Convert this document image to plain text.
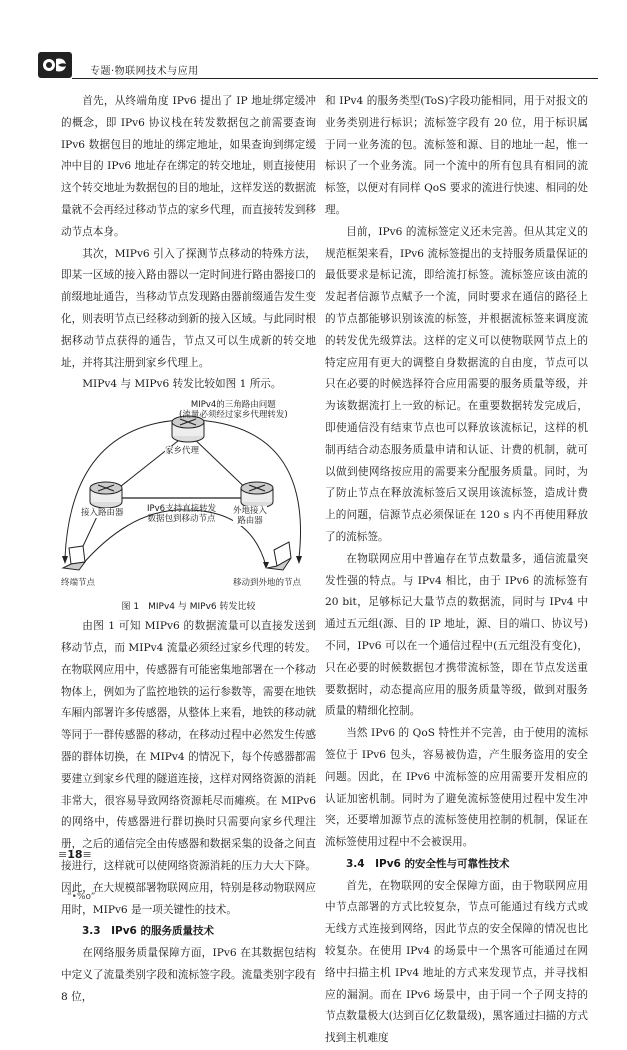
专题·物联网技术与应用

首先，从终端角度 IPv6 提出了 IP 地址绑定缓冲的概念，即 IPv6 协议栈在转发数据包之前需要查询 IPv6 数据包目的地址的绑定地址，如果查询到绑定缓冲中目的 IPv6 地址存在绑定的转交地址，则直接使用这个转交地址为数据包的目的地址，这样发送的数据流量就不会再经过移动节点的家乡代理，而直接转发到移动节点本身。

其次，MIPv6 引入了探测节点移动的特殊方法，即某一区域的接入路由器以一定时间进行路由器接口的前缀地址通告，当移动节点发现路由器前缀通告发生变化，则表明节点已经移动到新的接入区域。与此同时根据移动节点获得的通告，节点又可以生成新的转交地址，并将其注册到家乡代理上。

MIPv4 与 MIPv6 转发比较如图 1 所示。

MIPv4的三角路由问题
(流量必须经过家乡代理转发)
家乡代理
接入路由器	外地接入
路由器
IPv6支持直接转发
数据包到移动节点
终端节点	移动到外地的节点

图 1　MIPv4 与 MIPv6 转发比较

由图 1 可知 MIPv6 的数据流量可以直接发送到移动节点，而 MIPv4 流量必须经过家乡代理的转发。在物联网应用中，传感器有可能密集地部署在一个移动物体上，例如为了监控地铁的运行参数等，需要在地铁车厢内部署许多传感器，从整体上来看，地铁的移动就等同于一群传感器的移动，在移动过程中必然发生传感器的群体切换，在 MIPv4 的情况下，每个传感器都需要建立到家乡代理的隧道连接，这样对网络资源的消耗非常大，很容易导致网络资源耗尽而瘫痪。在 MIPv6 的网络中，传感器进行群切换时只需要向家乡代理注册，之后的通信完全由传感器和数据采集的设备之间直接进行，这样就可以使网络资源消耗的压力大大下降。因此，在大规模部署物联网应用，特别是移动物联网应用时，MIPv6 是一项关键性的技术。

3.3　IPv6 的服务质量技术

在网络服务质量保障方面，IPv6 在其数据包结构中定义了流量类别字段和流标签字段。流量类别字段有 8 位，

和 IPv4 的服务类型(ToS)字段功能相同，用于对报文的业务类别进行标识；流标签字段有 20 位，用于标识属于同一业务流的包。流标签和源、目的地址一起，惟一标识了一个业务流。同一个流中的所有包具有相同的流标签，以便对有同样 QoS 要求的流进行快速、相同的处理。

目前，IPv6 的流标签定义还未完善。但从其定义的规范框架来看，IPv6 流标签提出的支持服务质量保证的最低要求是标记流，即给流打标签。流标签应该由流的发起者信源节点赋予一个流，同时要求在通信的路径上的节点都能够识别该流的标签，并根据流标签来调度流的转发优先级算法。这样的定义可以使物联网节点上的特定应用有更大的调整自身数据流的自由度，节点可以只在必要的时候选择符合应用需要的服务质量等级，并为该数据流打上一致的标记。在重要数据转发完成后，即使通信没有结束节点也可以释放该流标记，这样的机制再结合动态服务质量申请和认证、计费的机制，就可以做到使网络按应用的需要来分配服务质量。同时，为了防止节点在释放流标签后又误用该流标签，造成计费上的问题，信源节点必须保证在 120 s 内不再使用释放了的流标签。

在物联网应用中普遍存在节点数量多，通信流量突发性强的特点。与 IPv4 相比，由于 IPv6 的流标签有 20 bit，足够标记大量节点的数据流，同时与 IPv4 中通过五元组(源、目的 IP 地址，源、目的端口、协议号)不同，IPv6 可以在一个通信过程中(五元组没有变化)，只在必要的时候数据包才携带流标签，即在节点发送重要数据时，动态提高应用的服务质量等级，做到对服务质量的精细化控制。

当然 IPv6 的 QoS 特性并不完善，由于使用的流标签位于 IPv6 包头，容易被伪造，产生服务盗用的安全问题。因此，在 IPv6 中流标签的应用需要开发相应的认证加密机制。同时为了避免流标签使用过程中发生冲突，还要增加源节点的流标签使用控制的机制，保证在流标签使用过程中不会被误用。

3.4　IPv6 的安全性与可靠性技术

首先，在物联网的安全保障方面，由于物联网应用中节点部署的方式比较复杂，节点可能通过有线方式或无线方式连接到网络，因此节点的安全保障的情况也比较复杂。在使用 IPv4 的场景中一个黑客可能通过在网络中扫描主机 IPv4 地址的方式来发现节点，并寻找相应的漏洞。而在 IPv6 场景中，由于同一个子网支持的节点数量极大(达到百亿亿数量级)，黑客通过扫描的方式找到主机难度

≡ 18 ≡
“•%o”
